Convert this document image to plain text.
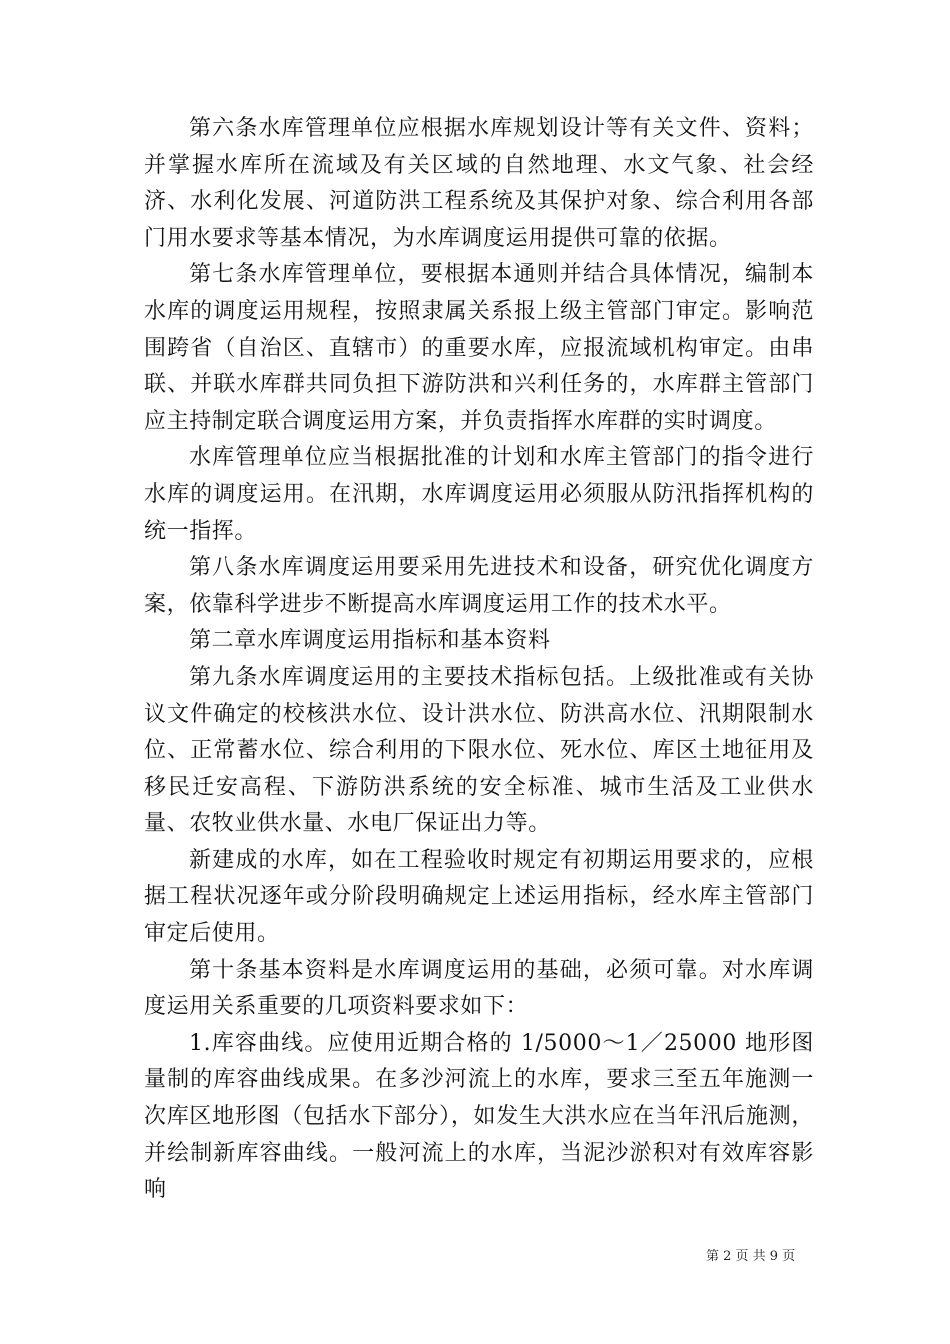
第六条水库管理单位应根据水库规划设计等有关文件、资料；并掌握水库所在流域及有关区域的自然地理、水文气象、社会经济、水利化发展、河道防洪工程系统及其保护对象、综合利用各部门用水要求等基本情况，为水库调度运用提供可靠的依据。

第七条水库管理单位，要根据本通则并结合具体情况，编制本水库的调度运用规程，按照隶属关系报上级主管部门审定。影响范围跨省（自治区、直辖市）的重要水库，应报流域机构审定。由串联、并联水库群共同负担下游防洪和兴利任务的，水库群主管部门应主持制定联合调度运用方案，并负责指挥水库群的实时调度。

水库管理单位应当根据批准的计划和水库主管部门的指令进行水库的调度运用。在汛期，水库调度运用必须服从防汛指挥机构的统一指挥。

第八条水库调度运用要采用先进技术和设备，研究优化调度方案，依靠科学进步不断提高水库调度运用工作的技术水平。

第二章水库调度运用指标和基本资料

第九条水库调度运用的主要技术指标包括。上级批准或有关协议文件确定的校核洪水位、设计洪水位、防洪高水位、汛期限制水位、正常蓄水位、综合利用的下限水位、死水位、库区土地征用及移民迁安高程、下游防洪系统的安全标准、城市生活及工业供水量、农牧业供水量、水电厂保证出力等。

新建成的水库，如在工程验收时规定有初期运用要求的，应根据工程状况逐年或分阶段明确规定上述运用指标，经水库主管部门审定后使用。

第十条基本资料是水库调度运用的基础，必须可靠。对水库调度运用关系重要的几项资料要求如下：

1.库容曲线。应使用近期合格的 1/5000～1／25000 地形图量制的库容曲线成果。在多沙河流上的水库，要求三至五年施测一次库区地形图（包括水下部分），如发生大洪水应在当年汛后施测，并绘制新库容曲线。一般河流上的水库，当泥沙淤积对有效库容影响

第 2 页 共 9 页
